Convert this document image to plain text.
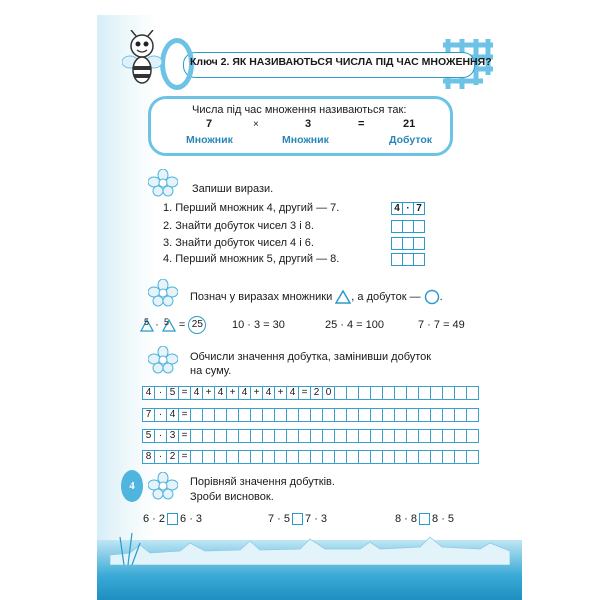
Ключ 2. ЯК НАЗИВАЮТЬСЯ ЧИСЛА ПІД ЧАС МНОЖЕННЯ?
Числа під час множення називаються так:
7	×	3	=	21
Множник	Множник	Добуток
Запиши вирази.
1. Перший множник 4, другий — 7.
2. Знайти добуток чисел 3 і 8.
3. Знайти добуток чисел 4 і 6.
4. Перший множник 5, другий — 8.
4 · 7
Познач у виразах множники , а добуток — .

5 · 5 = 25	10 · 3 = 30	25 · 4 = 100	7 · 7 = 49
Обчисли значення добутка, замінивши добуток
на суму.
4 · 5 = 4 + 4 + 4 + 4 + 4 = 2 0
7 · 4 =
5 · 3 =
8 · 2 =
4	Порівняй значення добутків.
Зроби висновок.
6 · 2 6 · 3	7 · 5 7 · 3	8 · 8 8 · 5
